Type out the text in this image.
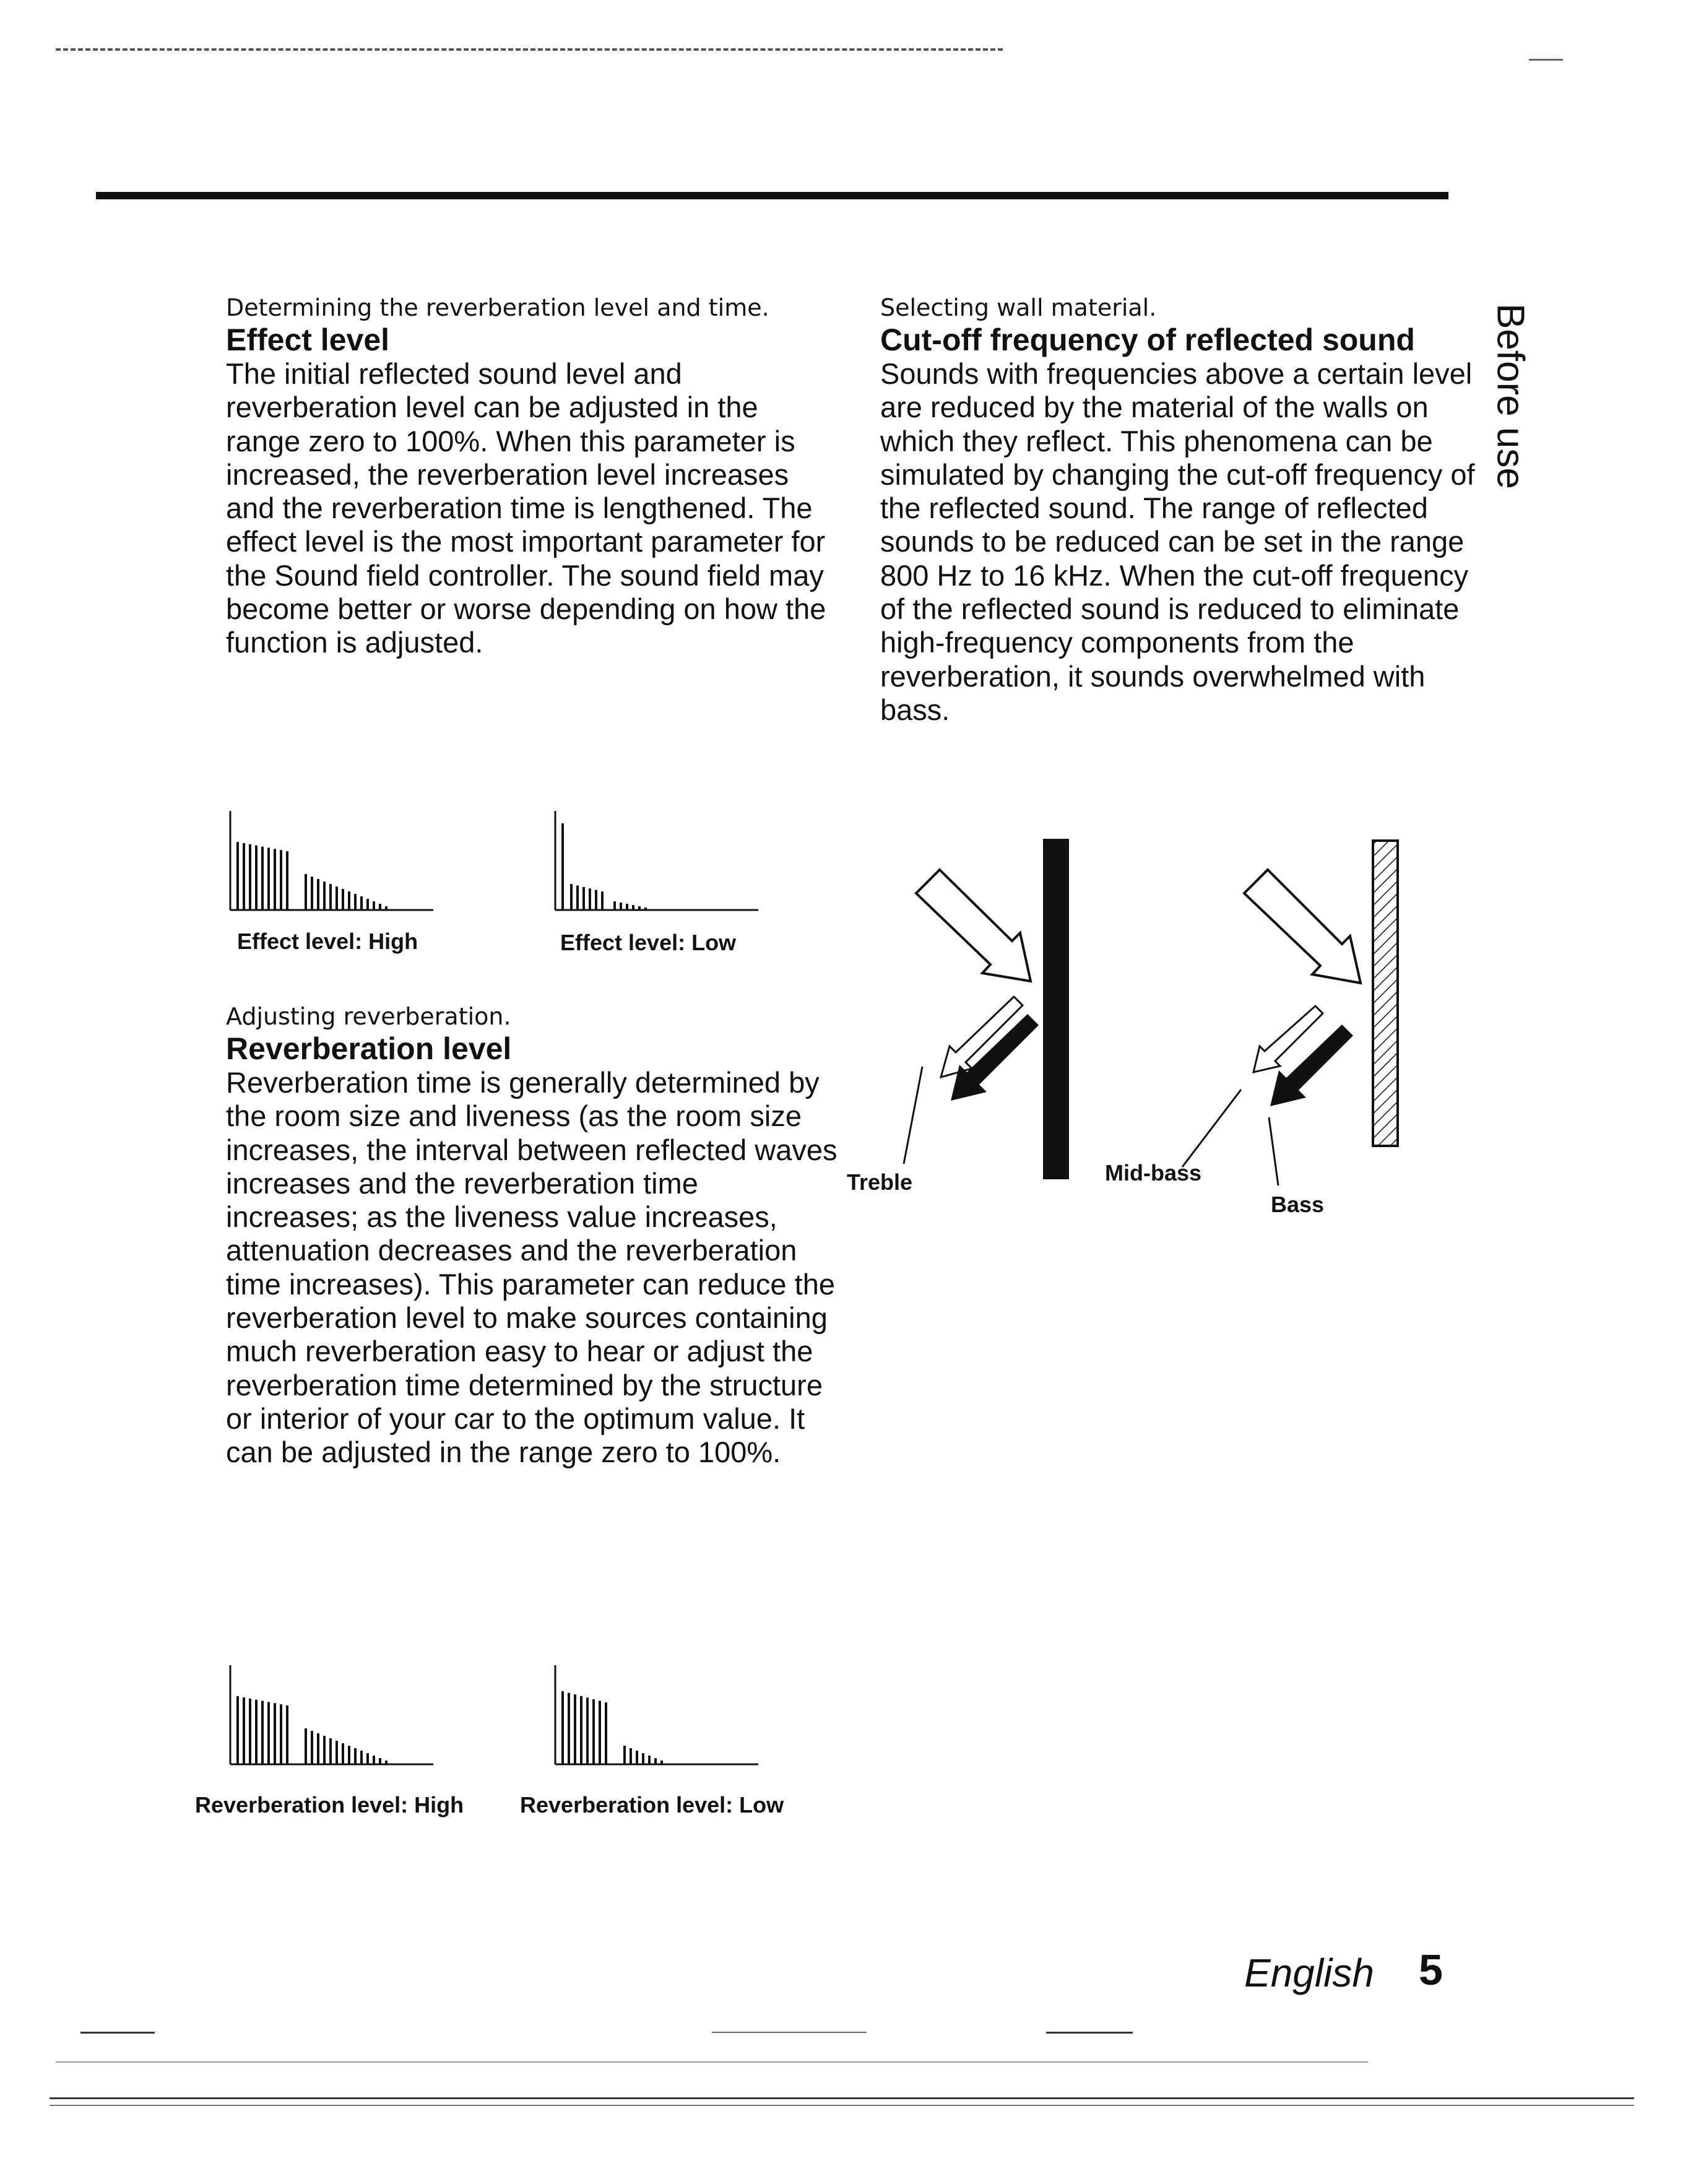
Before use

Determining the reverberation level and time.

Effect level

The initial reflected sound level and reverberation level can be adjusted in the range zero to 100%. When this parameter is increased, the reverberation level increases and the reverberation time is lengthened. The effect level is the most important parameter for the Sound field controller. The sound field may become better or worse depending on how the function is adjusted.

Effect level: High	Effect level: Low

Adjusting reverberation.

Reverberation level

Reverberation time is generally determined by the room size and liveness (as the room size increases, the interval between reflected waves increases and the reverberation time increases; as the liveness value increases, attenuation decreases and the reverberation time increases). This parameter can reduce the reverberation level to make sources containing much reverberation easy to hear or adjust the reverberation time determined by the structure or interior of your car to the optimum value. It can be adjusted in the range zero to 100%.

Reverberation level: High	Reverberation level: Low

Selecting wall material.

Cut-off frequency of reflected sound

Sounds with frequencies above a certain level are reduced by the material of the walls on which they reflect. This phenomena can be simulated by changing the cut-off frequency of the reflected sound. The range of reflected sounds to be reduced can be set in the range 800 Hz to 16 kHz. When the cut-off frequency of the reflected sound is reduced to eliminate high-frequency components from the reverberation, it sounds overwhelmed with bass.

Treble	Mid-bass
Bass
English 5
